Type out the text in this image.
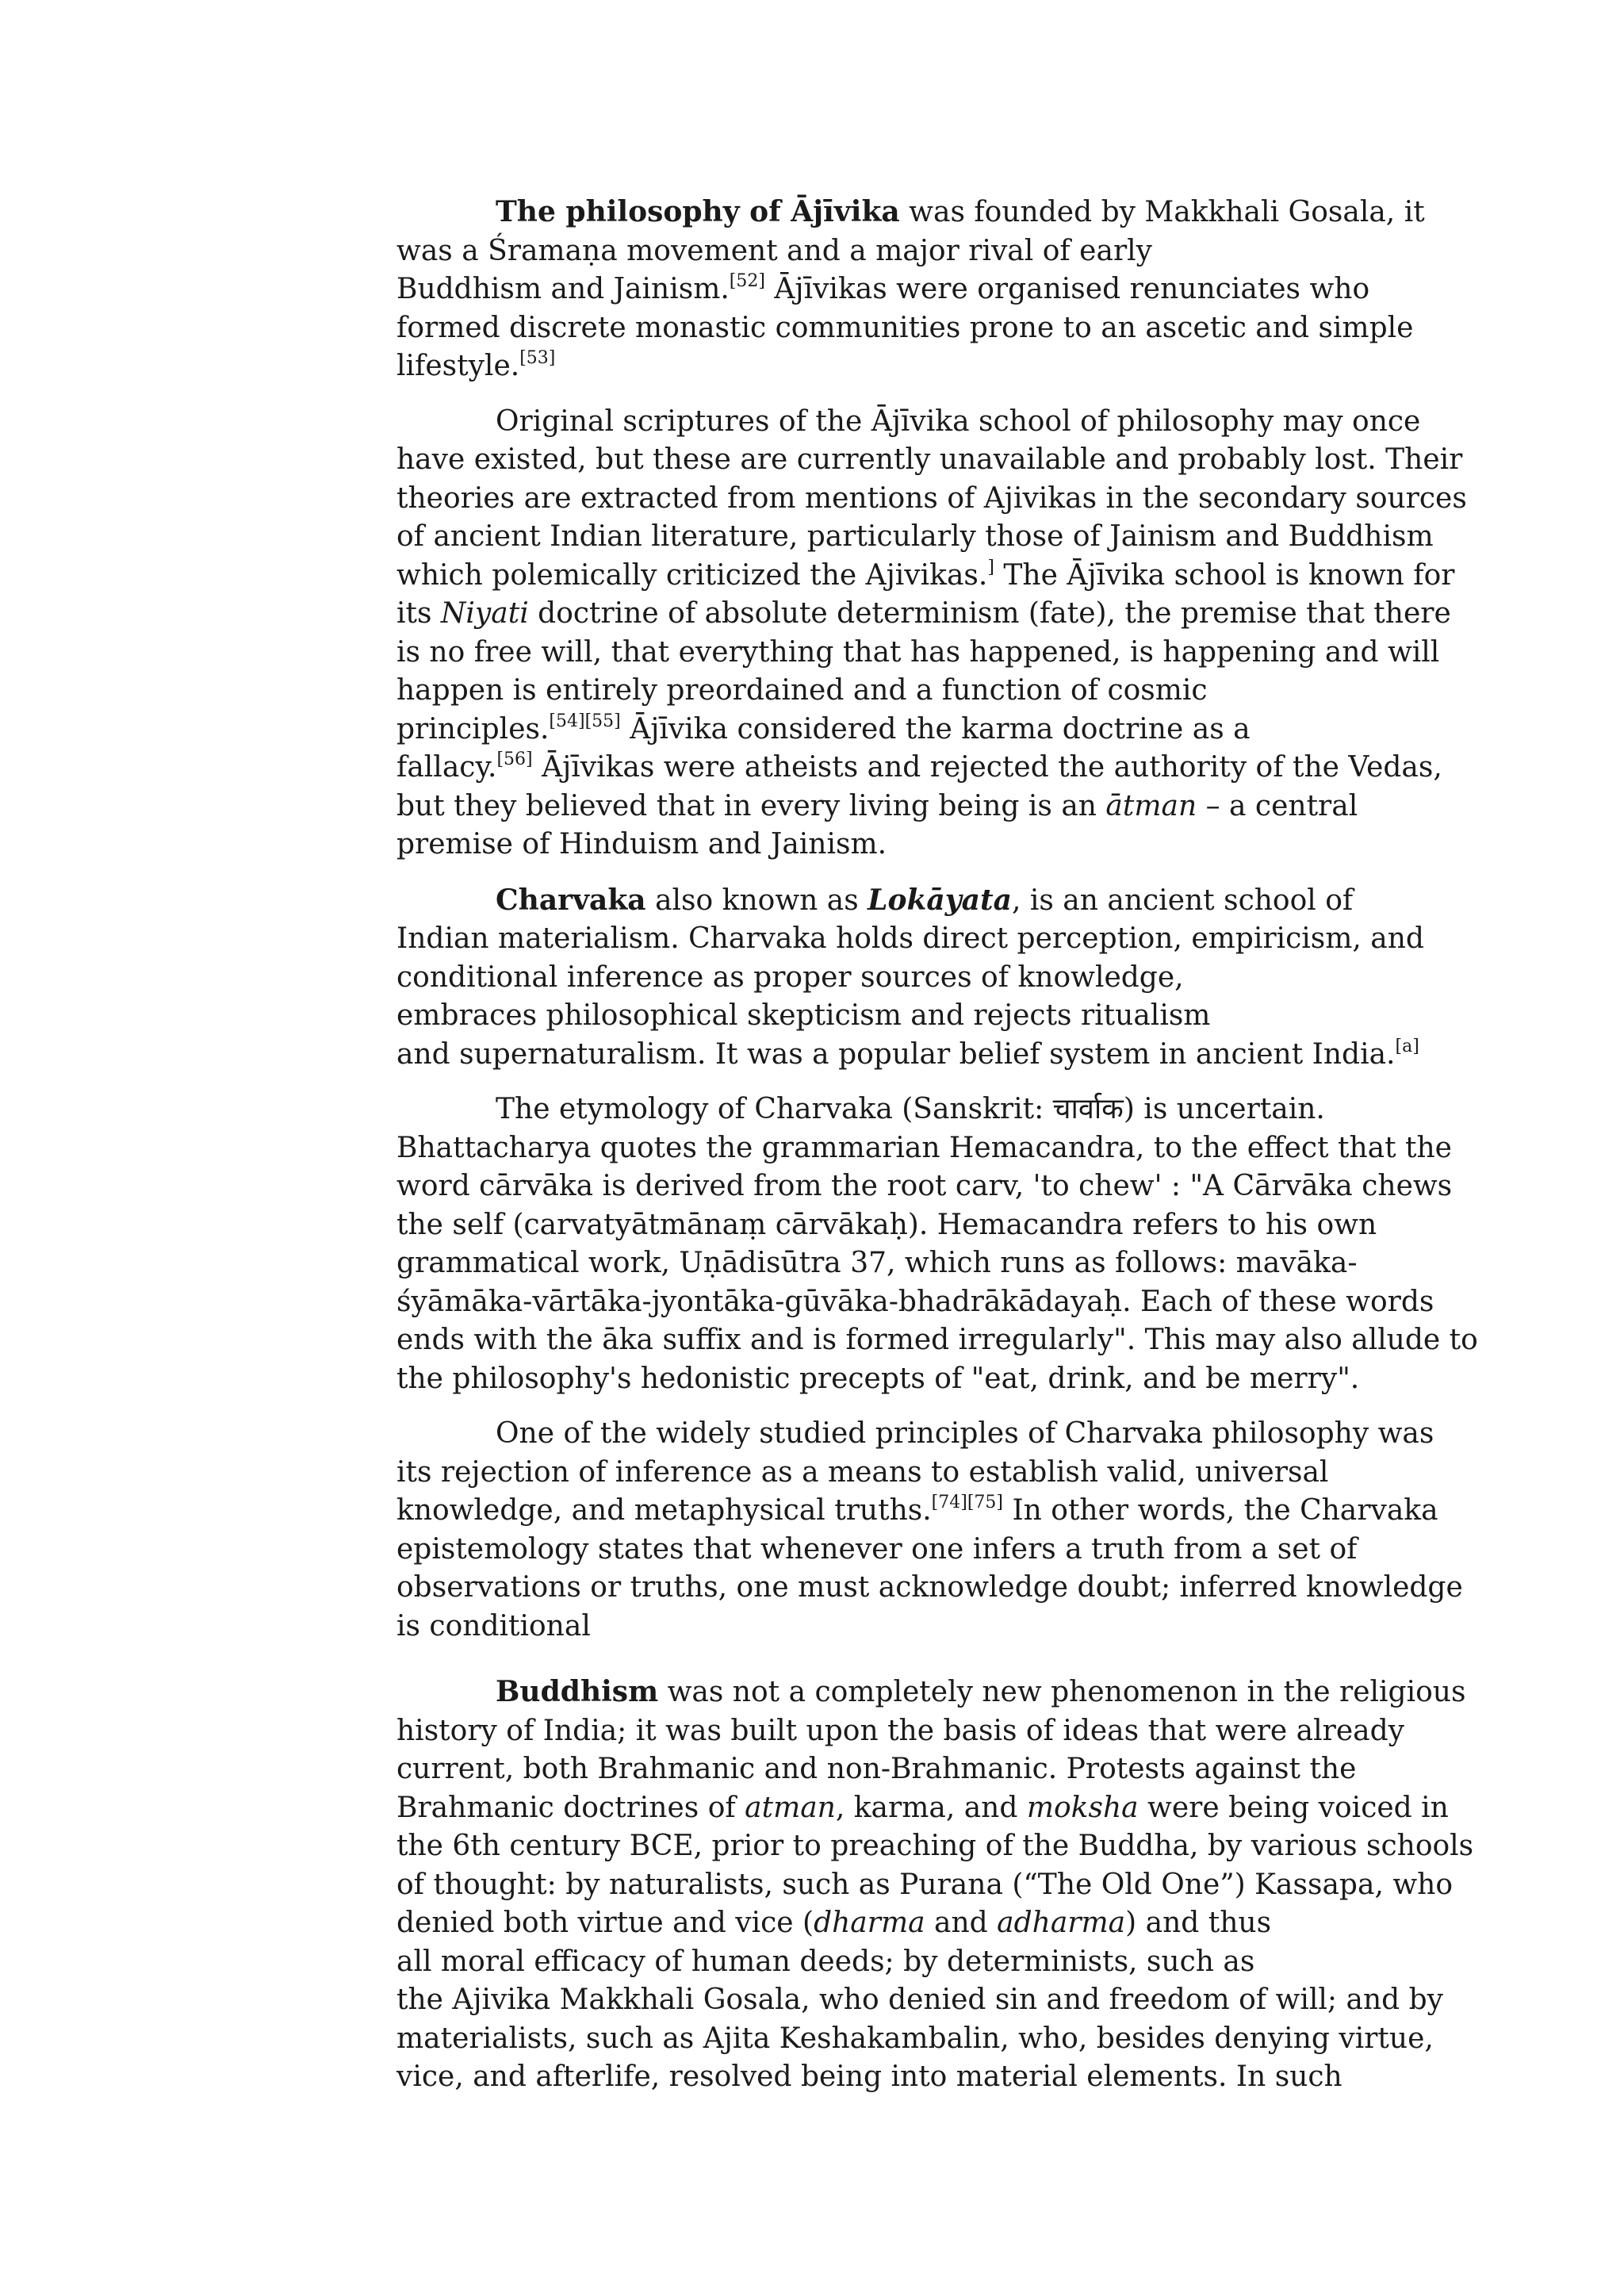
The philosophy of Ājīvika was founded by Makkhali Gosala, it
was a Śramaṇa movement and a major rival of early
Buddhism and Jainism.[52] Ājīvikas were organised renunciates who
formed discrete monastic communities prone to an ascetic and simple
lifestyle.[53]
Original scriptures of the Ājīvika school of philosophy may once
have existed, but these are currently unavailable and probably lost. Their
theories are extracted from mentions of Ajivikas in the secondary sources
of ancient Indian literature, particularly those of Jainism and Buddhism
which polemically criticized the Ajivikas.] The Ājīvika school is known for
its Niyati doctrine of absolute determinism (fate), the premise that there
is no free will, that everything that has happened, is happening and will
happen is entirely preordained and a function of cosmic
principles.[54][55] Ājīvika considered the karma doctrine as a
fallacy.[56] Ājīvikas were atheists and rejected the authority of the Vedas,
but they believed that in every living being is an ātman – a central
premise of Hinduism and Jainism.
Charvaka also known as Lokāyata, is an ancient school of
Indian materialism. Charvaka holds direct perception, empiricism, and
conditional inference as proper sources of knowledge,
embraces philosophical skepticism and rejects ritualism
and supernaturalism. It was a popular belief system in ancient India.[a]
The etymology of Charvaka (Sanskrit: चार्वाक) is uncertain.
Bhattacharya quotes the grammarian Hemacandra, to the effect that the
word cārvāka is derived from the root carv, 'to chew' : "A Cārvāka chews
the self (carvatyātmānaṃ cārvākaḥ). Hemacandra refers to his own
grammatical work, Uṇādisūtra 37, which runs as follows: mavāka-
śyāmāka-vārtāka-jyontāka-gūvāka-bhadrākādayaḥ. Each of these words
ends with the āka suffix and is formed irregularly". This may also allude to
the philosophy's hedonistic precepts of "eat, drink, and be merry".
One of the widely studied principles of Charvaka philosophy was
its rejection of inference as a means to establish valid, universal
knowledge, and metaphysical truths.[74][75] In other words, the Charvaka
epistemology states that whenever one infers a truth from a set of
observations or truths, one must acknowledge doubt; inferred knowledge
is conditional
Buddhism was not a completely new phenomenon in the religious
history of India; it was built upon the basis of ideas that were already
current, both Brahmanic and non-Brahmanic. Protests against the
Brahmanic doctrines of atman, karma, and moksha were being voiced in
the 6th century BCE, prior to preaching of the Buddha, by various schools
of thought: by naturalists, such as Purana (“The Old One”) Kassapa, who
denied both virtue and vice (dharma and adharma) and thus
all moral efficacy of human deeds; by determinists, such as
the Ajivika Makkhali Gosala, who denied sin and freedom of will; and by
materialists, such as Ajita Keshakambalin, who, besides denying virtue,
vice, and afterlife, resolved being into material elements. In such
